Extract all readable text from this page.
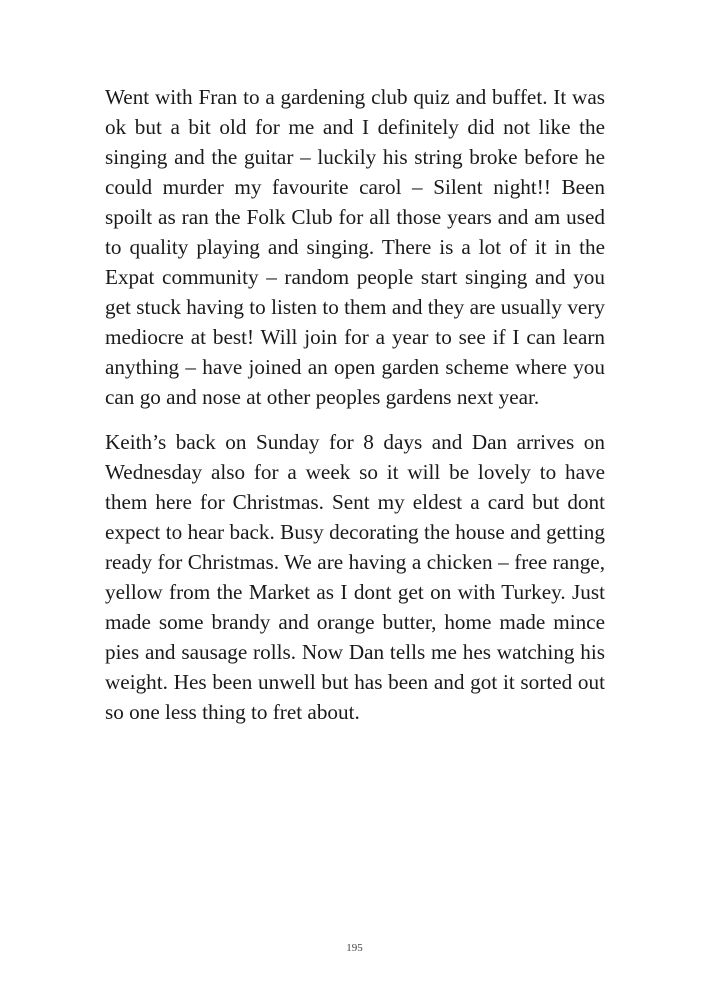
Went with Fran to a gardening club quiz and buffet. It was ok but a bit old for me and I definitely did not like the singing and the guitar – luckily his string broke before he could murder my favourite carol – Silent night!! Been spoilt as ran the Folk Club for all those years and am used to quality playing and singing. There is a lot of it in the Expat community – random people start singing and you get stuck having to listen to them and they are usually very mediocre at best! Will join for a year to see if I can learn anything – have joined an open garden scheme where you can go and nose at other peoples gardens next year.

Keith’s back on Sunday for 8 days and Dan arrives on Wednesday also for a week so it will be lovely to have them here for Christmas. Sent my eldest a card but dont expect to hear back. Busy decorating the house and getting ready for Christmas. We are having a chicken – free range, yellow from the Market as I dont get on with Turkey. Just made some brandy and orange butter, home made mince pies and sausage rolls. Now Dan tells me hes watching his weight. Hes been unwell but has been and got it sorted out so one less thing to fret about.

195
